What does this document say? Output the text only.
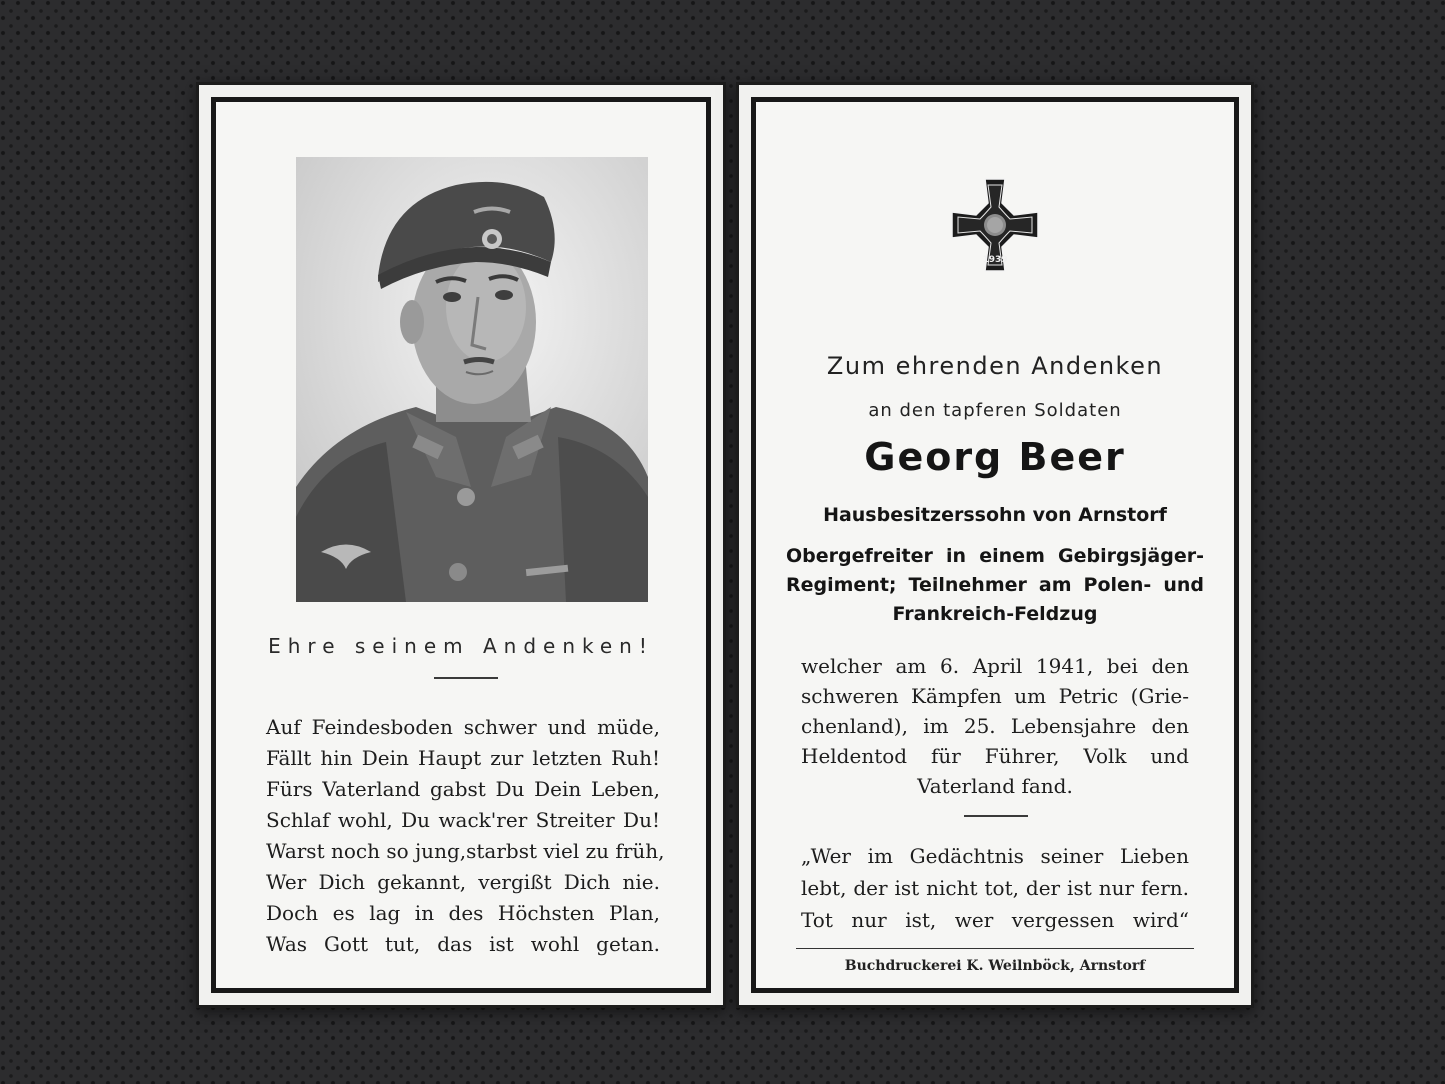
Ehre seinem Andenken!
Auf Feindesboden schwer und müde,
Fällt hin Dein Haupt zur letzten Ruh!
Fürs Vaterland gabst Du Dein Leben,
Schlaf wohl, Du wack'rer Streiter Du!
Warst noch so jung,starbst viel zu früh,
Wer Dich gekannt, vergißt Dich nie.
Doch es lag in des Höchsten Plan,
Was Gott tut, das ist wohl getan.
1939
Zum ehrenden Andenken
an den tapferen Soldaten
Georg Beer
Hausbesitzerssohn von Arnstorf
Obergefreiter in einem Gebirgsjäger-
Regiment; Teilnehmer am Polen- und
Frankreich-Feldzug
welcher am 6. April 1941, bei den
schweren Kämpfen um Petric (Grie-
chenland), im 25. Lebensjahre den
Heldentod für Führer, Volk und
Vaterland fand.
„Wer im Gedächtnis seiner Lieben
lebt, der ist nicht tot, der ist nur fern.
Tot nur ist, wer vergessen wird“
Buchdruckerei K. Weilnböck, Arnstorf
